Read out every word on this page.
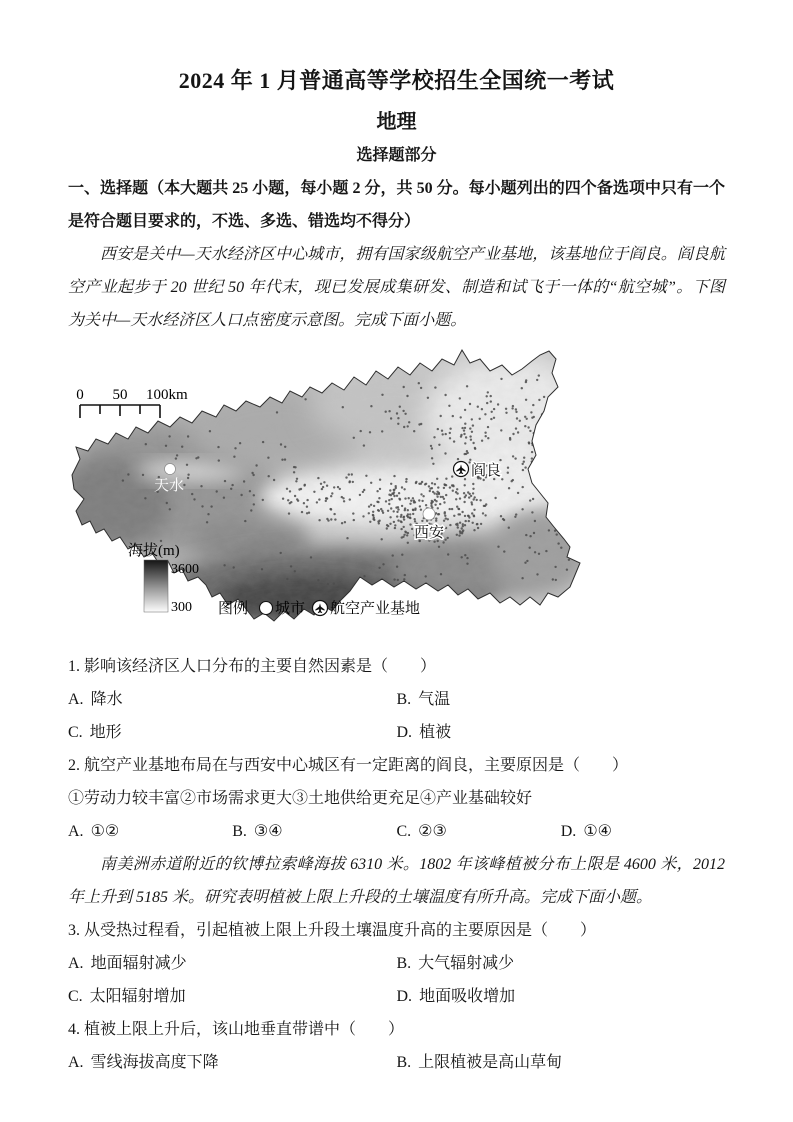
2024 年 1 月普通高等学校招生全国统一考试
地理
选择题部分

一、选择题（本大题共 25 小题，每小题 2 分，共 50 分。每小题列出的四个备选项中只有一个是符合题目要求的，不选、多选、错选均不得分）

西安是关中—天水经济区中心城市，拥有国家级航空产业基地，该基地位于阎良。阎良航空产业起步于 20 世纪 50 年代末，现已发展成集研发、制造和试飞于一体的“航空城”。下图为关中—天水经济区人口点密度示意图。完成下面小题。

0 50 100km
天水
西安
阎良
海拔(m)
3600
300 图例 城市 航空产业基地

1. 影响该经济区人口分布的主要自然因素是（　　）

A. 降水	B. 气温
C. 地形	D. 植被

2. 航空产业基地布局在与西安中心城区有一定距离的阎良，主要原因是（　　）

①劳动力较丰富②市场需求更大③土地供给更充足④产业基础较好

A. ①②	B. ③④	C. ②③	D. ①④

南美洲赤道附近的钦博拉索峰海拔 6310 米。1802 年该峰植被分布上限是 4600 米，2012 年上升到 5185 米。研究表明植被上限上升段的土壤温度有所升高。完成下面小题。

3. 从受热过程看，引起植被上限上升段土壤温度升高的主要原因是（　　）

A. 地面辐射减少	B. 大气辐射减少
C. 太阳辐射增加	D. 地面吸收增加

4. 植被上限上升后，该山地垂直带谱中（　　）

A. 雪线海拔高度下降	B. 上限植被是高山草甸
